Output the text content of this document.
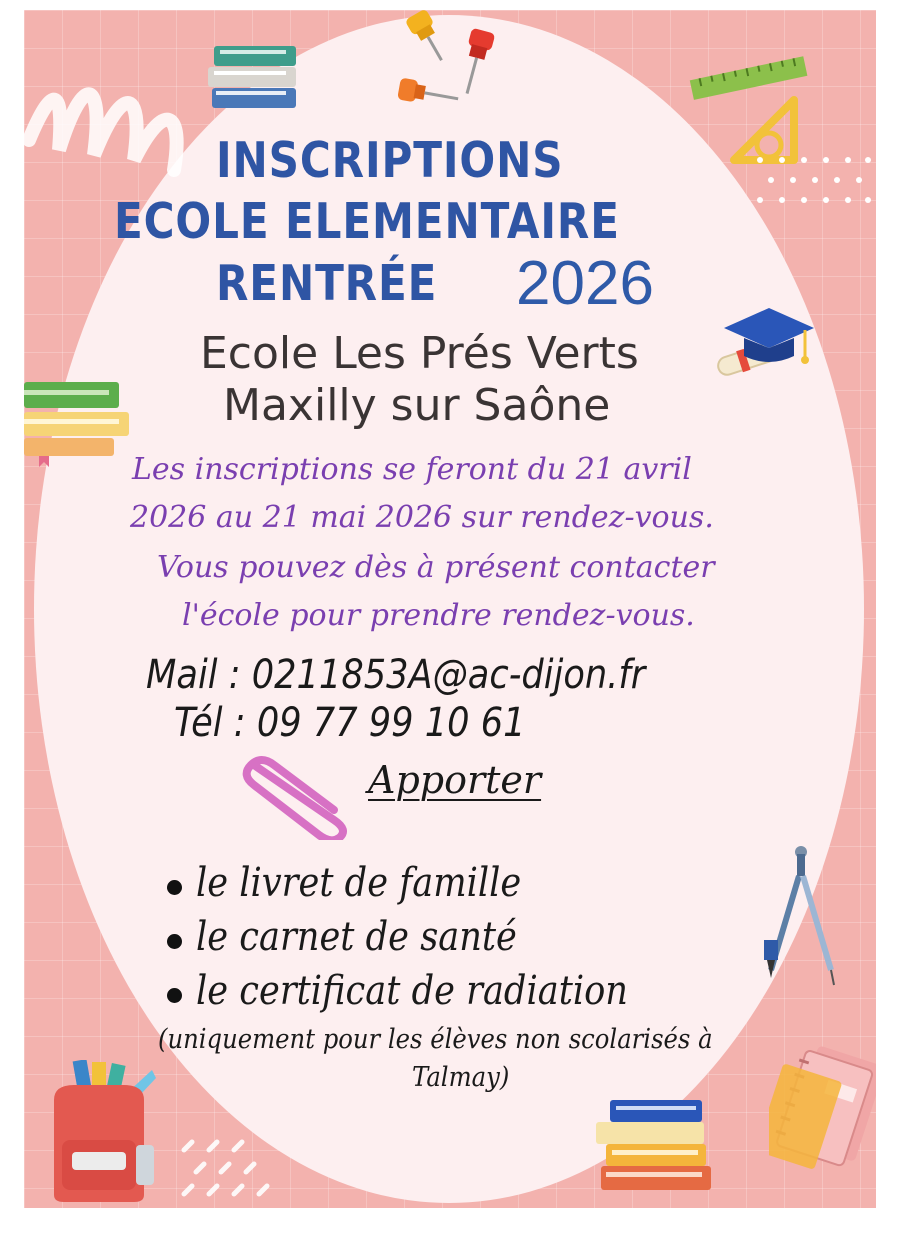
INSCRIPTIONS
ECOLE ELEMENTAIRE
RENTRÉE 2026
Ecole Les Prés Verts
Maxilly sur Saône
Les inscriptions se feront du 21 avril
2026 au 21 mai 2026 sur rendez-vous.
Vous pouvez dès à présent contacter
l'école pour prendre rendez-vous.
Mail : 0211853A@ac-dijon.fr
Tél : 09 77 99 10 61
Apporter
le livret de famille
le carnet de santé
le certificat de radiation
(uniquement pour les élèves non scolarisés à
Talmay)
